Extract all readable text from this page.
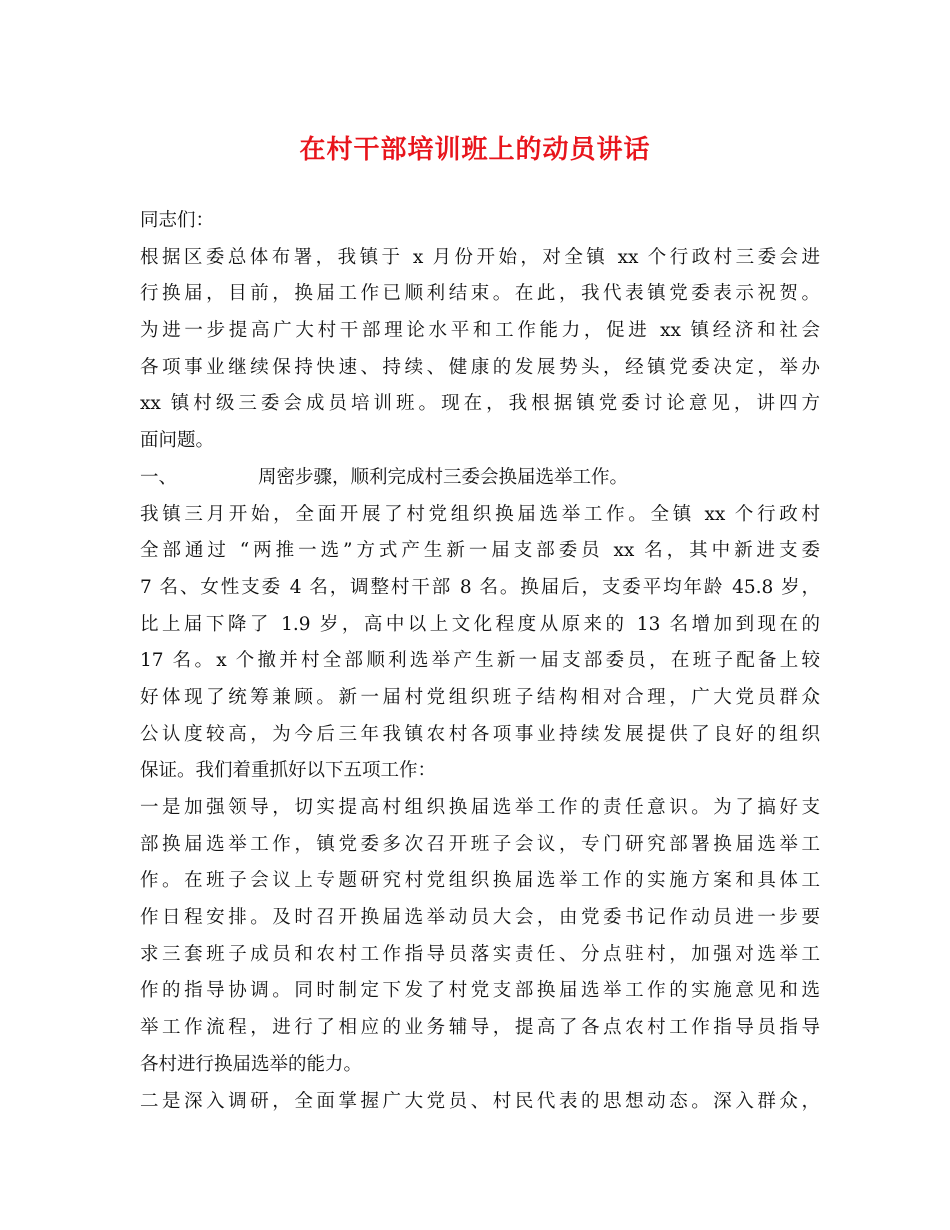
在村干部培训班上的动员讲话
同志们：
根据区委总体布署，我镇于 x 月份开始，对全镇 xx 个行政村三委会进
行换届，目前，换届工作已顺利结束。在此，我代表镇党委表示祝贺。
为进一步提高广大村干部理论水平和工作能力，促进 xx 镇经济和社会
各项事业继续保持快速、持续、健康的发展势头，经镇党委决定，举办
xx 镇村级三委会成员培训班。现在，我根据镇党委讨论意见，讲四方
面问题。
一、	周密步骤，顺利完成村三委会换届选举工作。
我镇三月开始，全面开展了村党组织换届选举工作。全镇 xx 个行政村
全部通过 “两推一选”方式产生新一届支部委员 xx 名，其中新进支委
7 名、女性支委 4 名，调整村干部 8 名。换届后，支委平均年龄 45.8 岁，
比上届下降了 1.9 岁，高中以上文化程度从原来的 13 名增加到现在的
17 名。x 个撤并村全部顺利选举产生新一届支部委员，在班子配备上较
好体现了统筹兼顾。新一届村党组织班子结构相对合理，广大党员群众
公认度较高，为今后三年我镇农村各项事业持续发展提供了良好的组织
保证。我们着重抓好以下五项工作：
一是加强领导，切实提高村组织换届选举工作的责任意识。为了搞好支
部换届选举工作，镇党委多次召开班子会议，专门研究部署换届选举工
作。在班子会议上专题研究村党组织换届选举工作的实施方案和具体工
作日程安排。及时召开换届选举动员大会，由党委书记作动员进一步要
求三套班子成员和农村工作指导员落实责任、分点驻村，加强对选举工
作的指导协调。同时制定下发了村党支部换届选举工作的实施意见和选
举工作流程，进行了相应的业务辅导，提高了各点农村工作指导员指导
各村进行换届选举的能力。
二是深入调研，全面掌握广大党员、村民代表的思想动态。深入群众，
